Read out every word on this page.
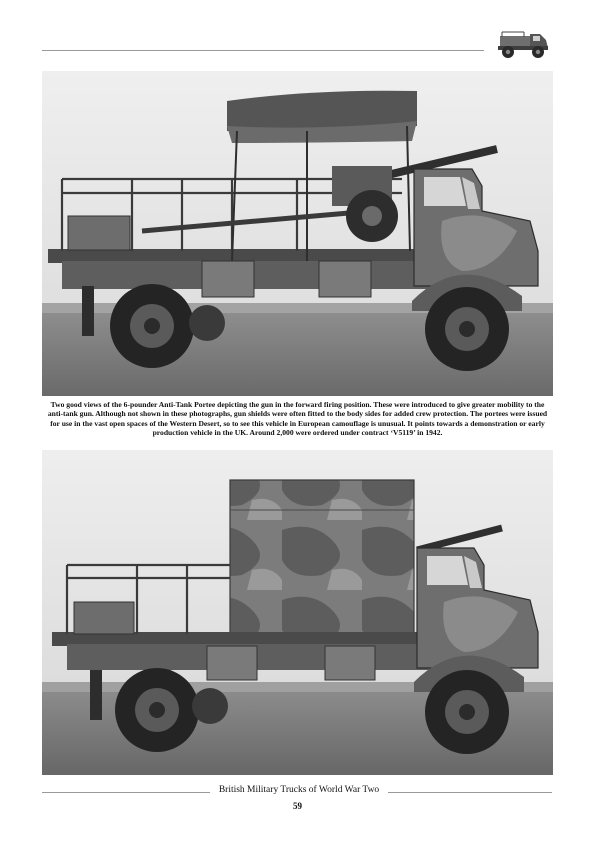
Two good views of the 6-pounder Anti-Tank Portee depicting the gun in the forward firing position. These were introduced to give greater mobility to the anti-tank gun. Although not shown in these photographs, gun shields were often fitted to the body sides for added crew protection. The portees were issued for use in the vast open spaces of the Western Desert, so to see this vehicle in European camouflage is unusual. It points towards a demonstration or early production vehicle in the UK. Around 2,000 were ordered under contract ‘V5119’ in 1942.

British Military Trucks of World War Two
59
